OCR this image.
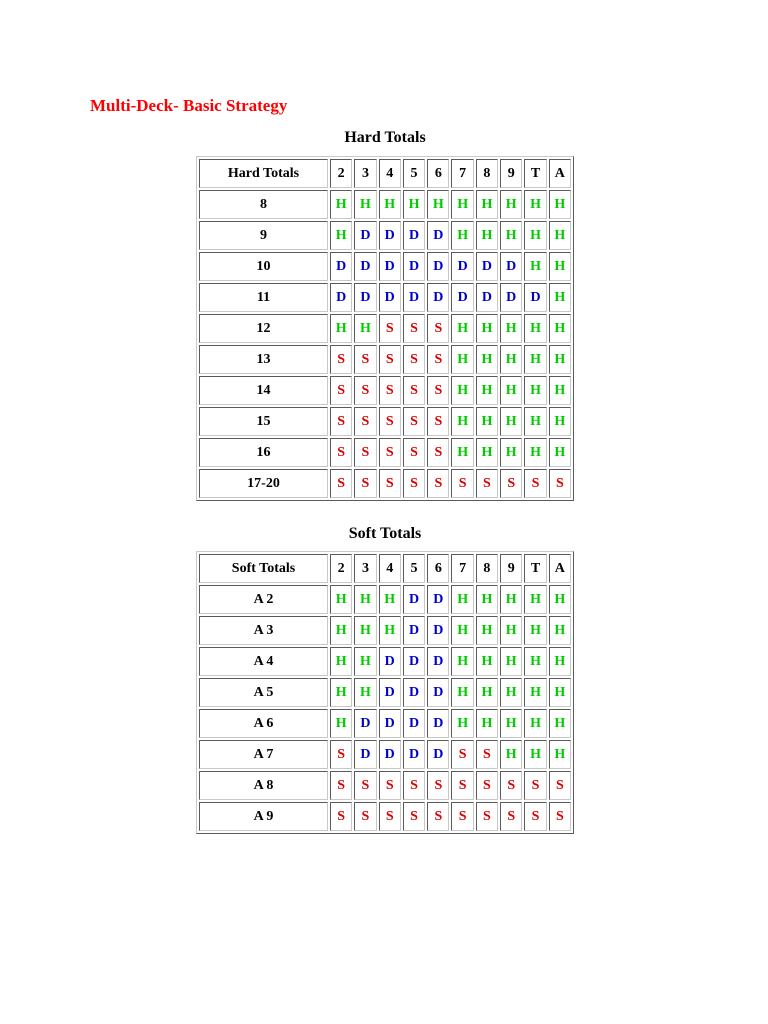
Multi-Deck- Basic Strategy
Hard Totals
Hard Totals	2	3	4	5	6	7	8	9	T	A
8	H	H	H	H	H	H	H	H	H	H
9	H	D	D	D	D	H	H	H	H	H
10	D	D	D	D	D	D	D	D	H	H
11	D	D	D	D	D	D	D	D	D	H
12	H	H	S	S	S	H	H	H	H	H
13	S	S	S	S	S	H	H	H	H	H
14	S	S	S	S	S	H	H	H	H	H
15	S	S	S	S	S	H	H	H	H	H
16	S	S	S	S	S	H	H	H	H	H
17-20	S	S	S	S	S	S	S	S	S	S
Soft Totals
Soft Totals	2	3	4	5	6	7	8	9	T	A
A 2	H	H	H	D	D	H	H	H	H	H
A 3	H	H	H	D	D	H	H	H	H	H
A 4	H	H	D	D	D	H	H	H	H	H
A 5	H	H	D	D	D	H	H	H	H	H
A 6	H	D	D	D	D	H	H	H	H	H
A 7	S	D	D	D	D	S	S	H	H	H
A 8	S	S	S	S	S	S	S	S	S	S
A 9	S	S	S	S	S	S	S	S	S	S
